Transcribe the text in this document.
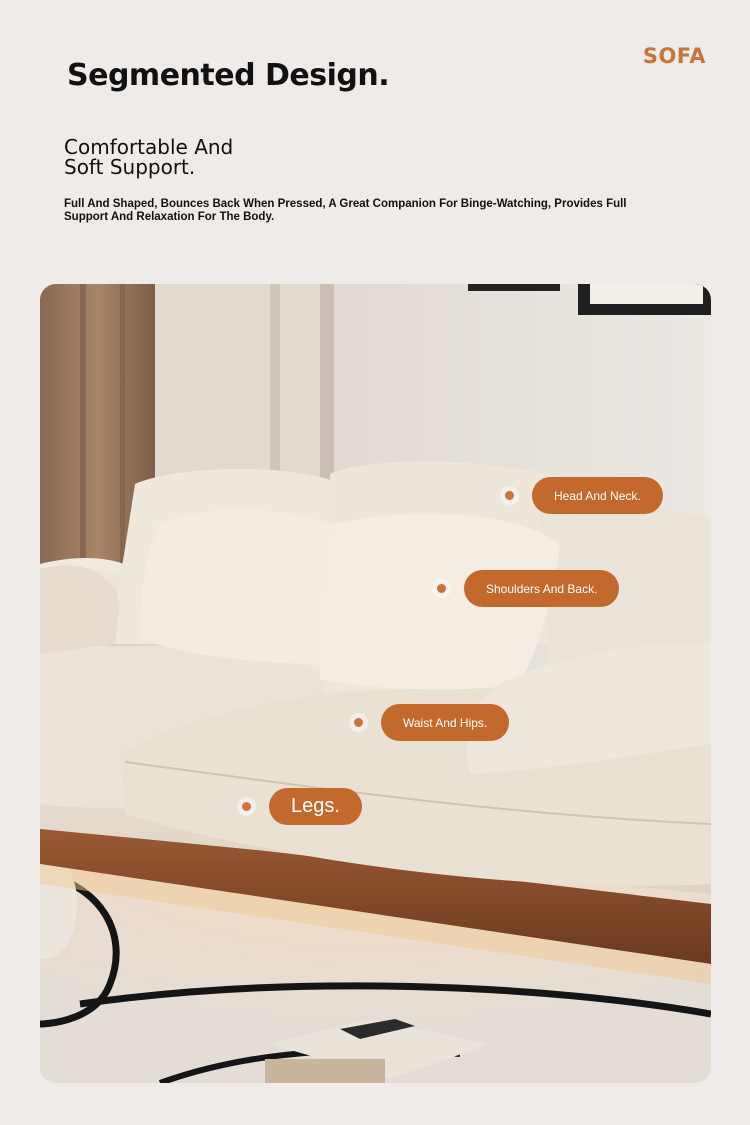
SOFA
Segmented Design.
Comfortable And
Soft Support.
Full And Shaped, Bounces Back When Pressed, A Great Companion For Binge-Watching, Provides Full Support And Relaxation For The Body.
Head And Neck.
Shoulders And Back.
Waist And Hips.
Legs.
